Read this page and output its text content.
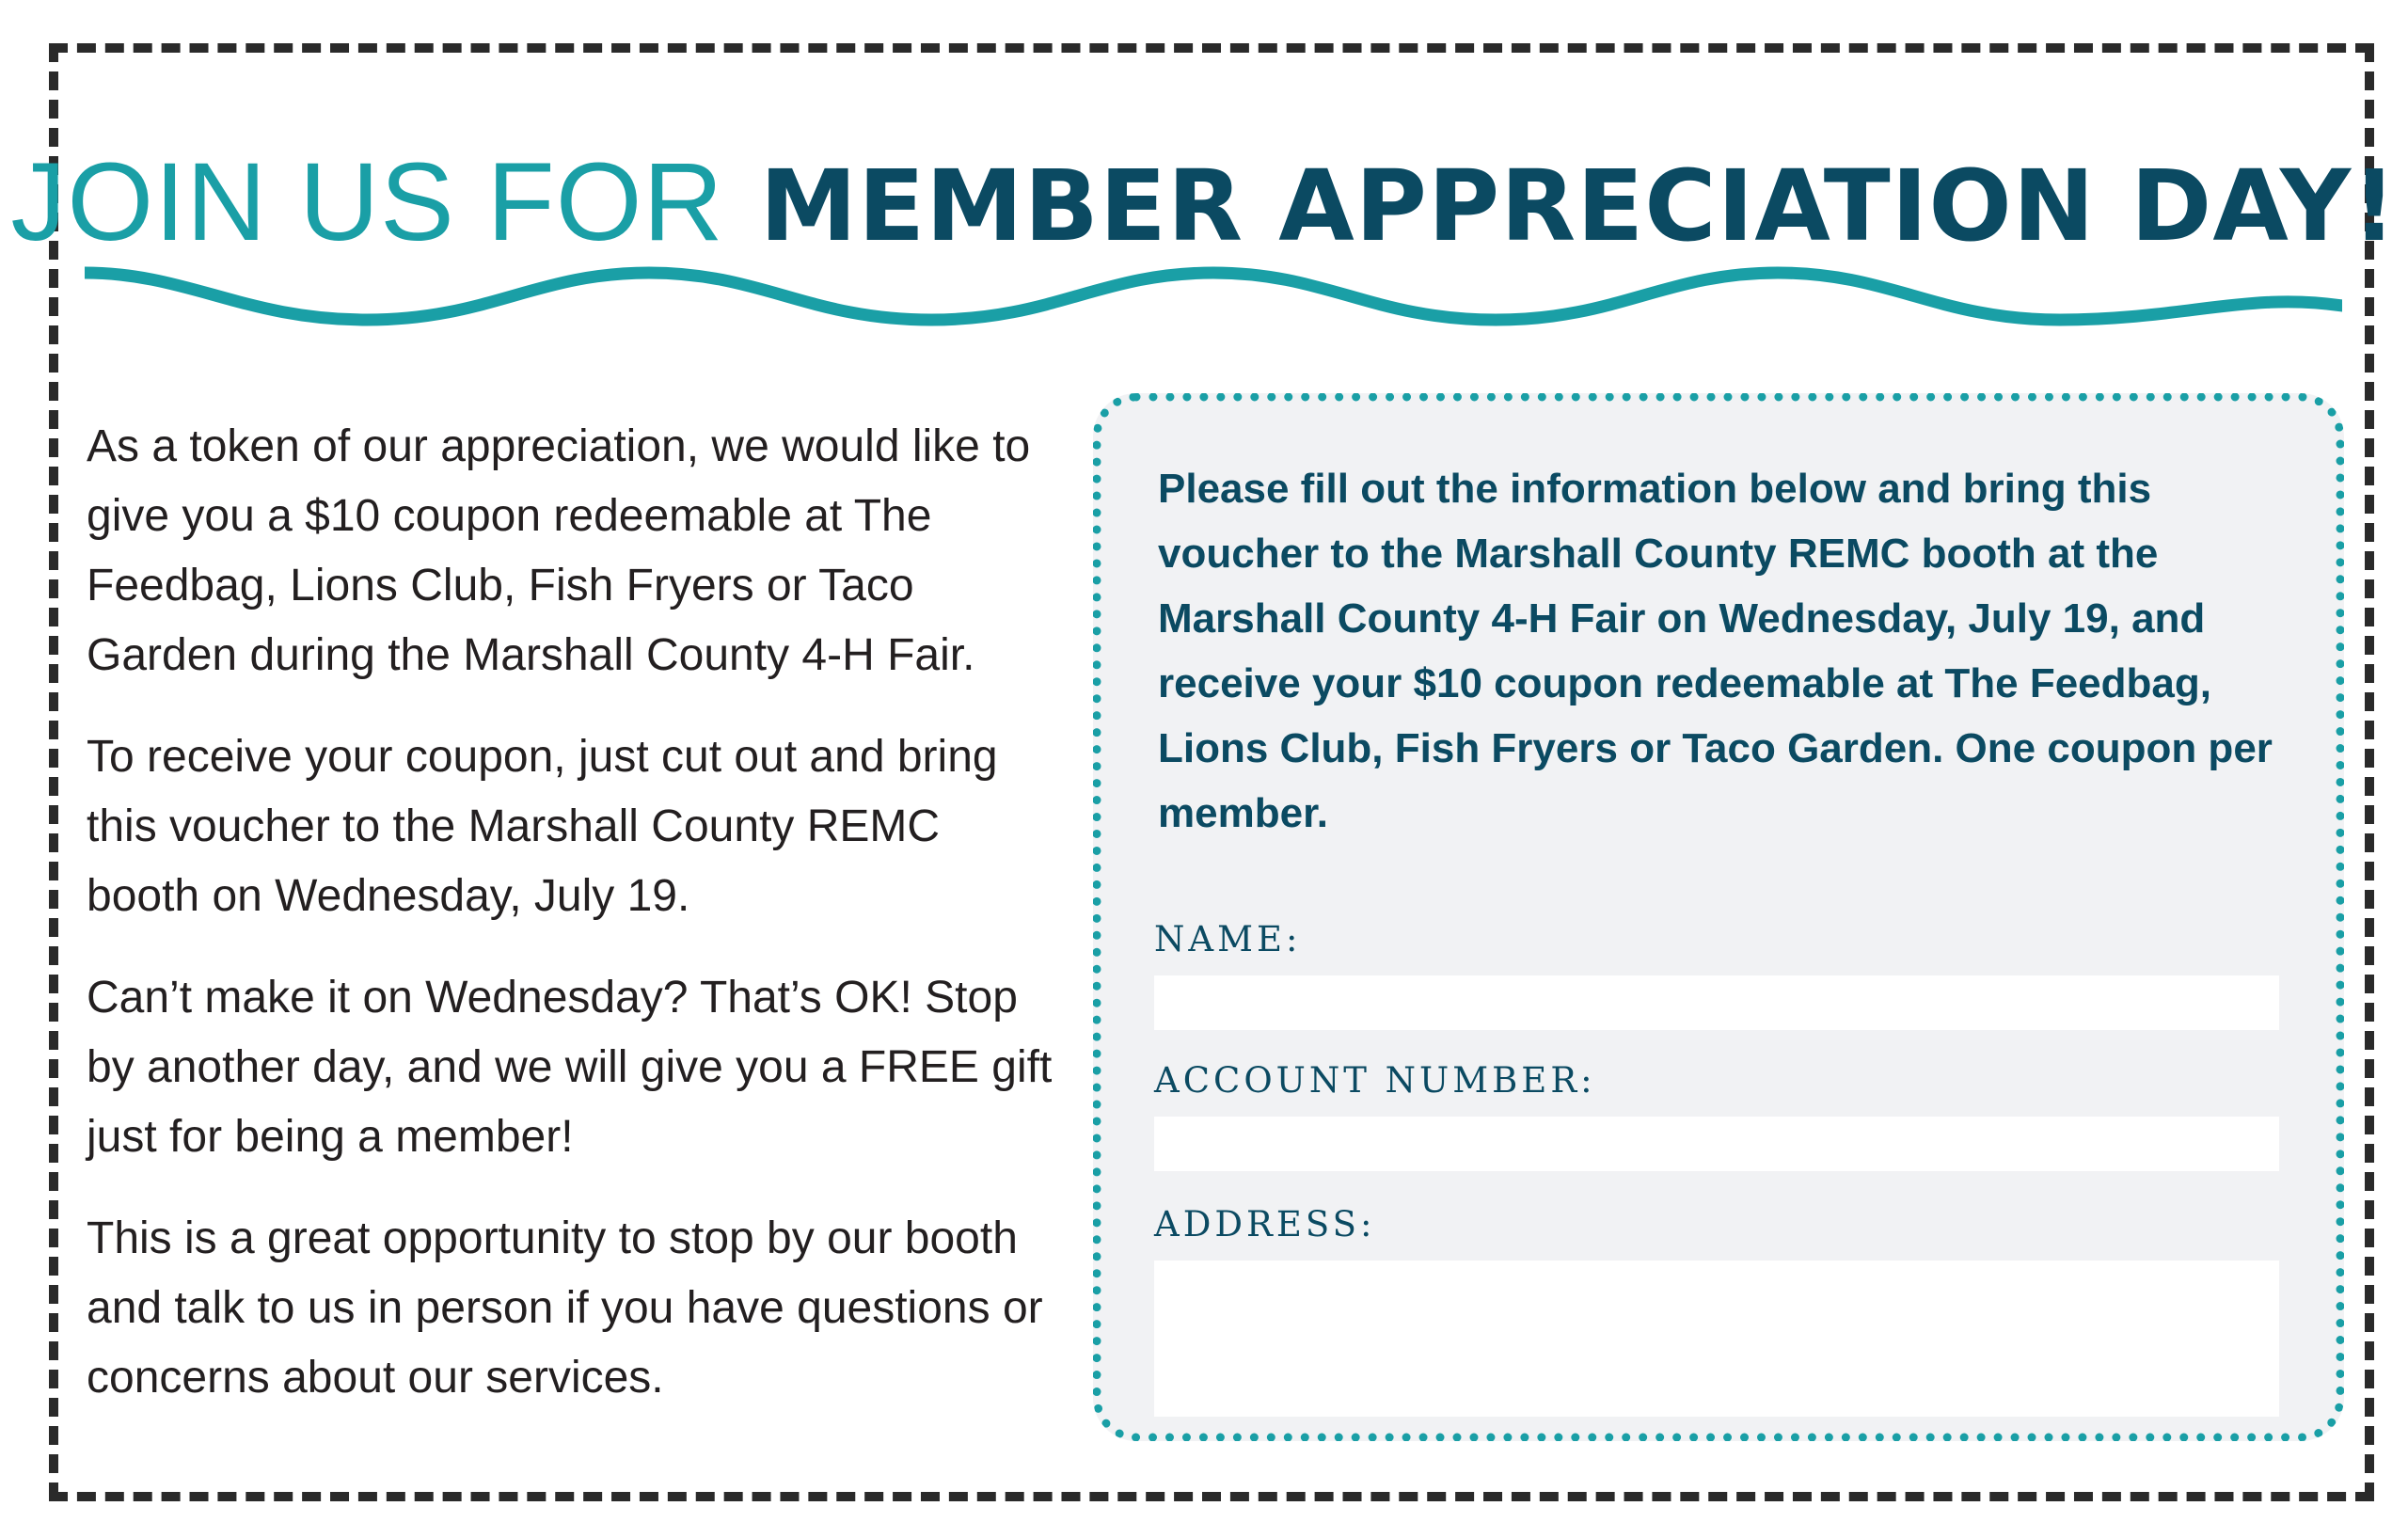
JOIN US FOR MEMBER APPRECIATION DAY!

As a token of our appreciation, we would like to give you a $10 coupon redeemable at The Feedbag, Lions Club, Fish Fryers or Taco Garden during the Marshall County 4-H Fair.

To receive your coupon, just cut out and bring this voucher to the Marshall County REMC booth on Wednesday, July 19.

Can’t make it on Wednesday? That’s OK! Stop by another day, and we will give you a FREE gift just for being a member!

This is a great opportunity to stop by our booth and talk to us in person if you have questions or concerns about our services.

Please fill out the information below and bring this voucher to the Marshall County REMC booth at the Marshall County 4-H Fair on Wednesday, July 19, and receive your $10 coupon redeemable at The Feedbag, Lions Club, Fish Fryers or Taco Garden. One coupon per member.

NAME:
ACCOUNT NUMBER:
ADDRESS:
